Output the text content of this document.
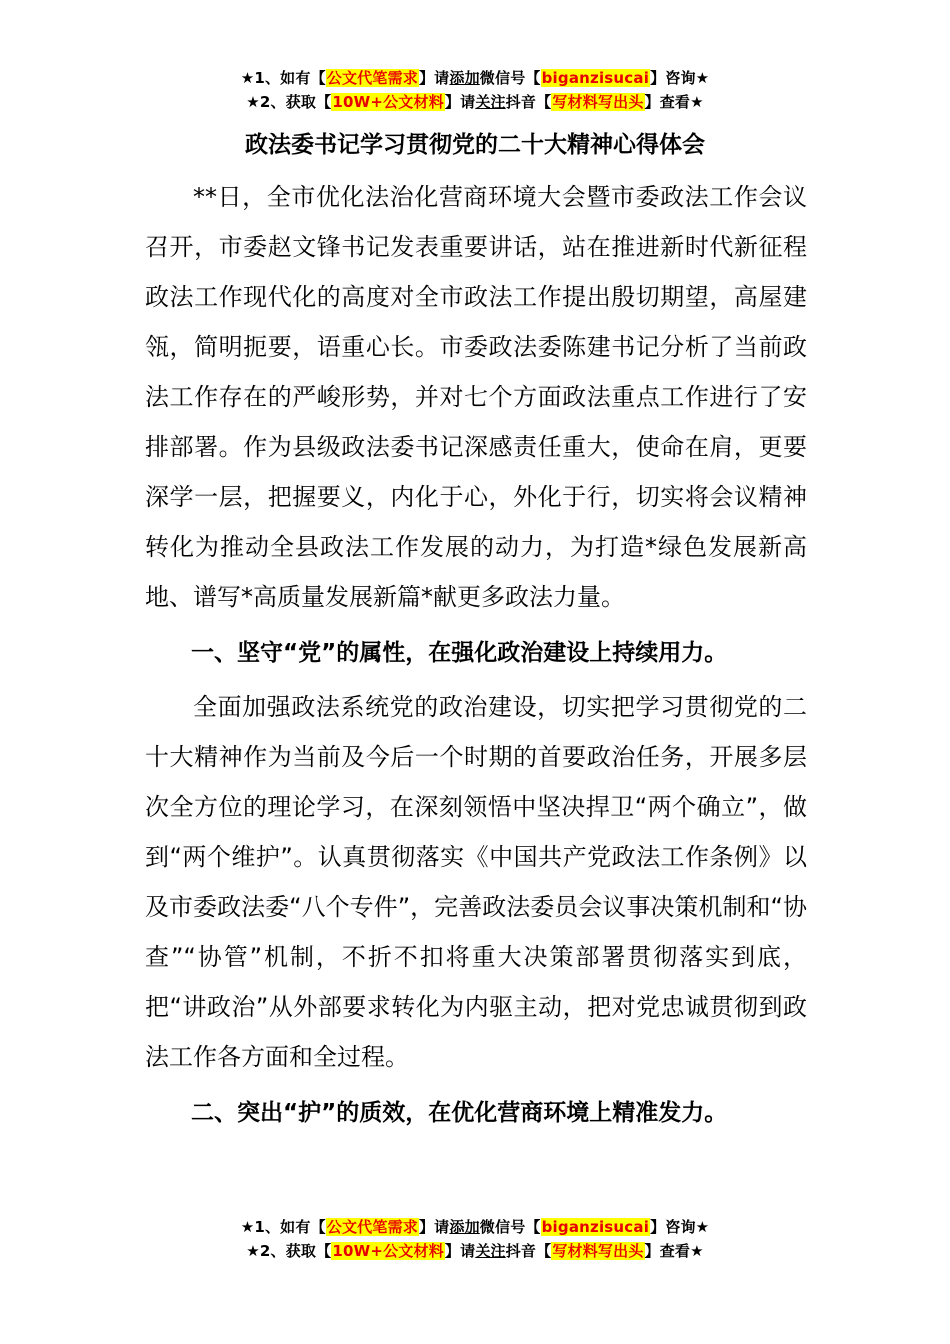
★1、如有【公文代笔需求】请添加微信号【biganzisucai】咨询★
★2、获取【10W+公文材料】请关注抖音【写材料写出头】查看★
政法委书记学习贯彻党的二十大精神心得体会

**日，全市优化法治化营商环境大会暨市委政法工作会议召开，市委赵文锋书记发表重要讲话，站在推进新时代新征程政法工作现代化的高度对全市政法工作提出殷切期望，高屋建瓴，简明扼要，语重心长。市委政法委陈建书记分析了当前政法工作存在的严峻形势，并对七个方面政法重点工作进行了安排部署。作为县级政法委书记深感责任重大，使命在肩，更要深学一层，把握要义，内化于心，外化于行，切实将会议精神转化为推动全县政法工作发展的动力，为打造*绿色发展新高地、谱写*高质量发展新篇*献更多政法力量。

一、坚守“党”的属性，在强化政治建设上持续用力。

全面加强政法系统党的政治建设，切实把学习贯彻党的二十大精神作为当前及今后一个时期的首要政治任务，开展多层次全方位的理论学习，在深刻领悟中坚决捍卫“两个确立”，做到“两个维护”。认真贯彻落实《中国共产党政法工作条例》以及市委政法委“八个专件”，完善政法委员会议事决策机制和“协查”“协管”机制，不折不扣将重大决策部署贯彻落实到底，把“讲政治”从外部要求转化为内驱主动，把对党忠诚贯彻到政法工作各方面和全过程。

二、突出“护”的质效，在优化营商环境上精准发力。

★1、如有【公文代笔需求】请添加微信号【biganzisucai】咨询★
★2、获取【10W+公文材料】请关注抖音【写材料写出头】查看★
